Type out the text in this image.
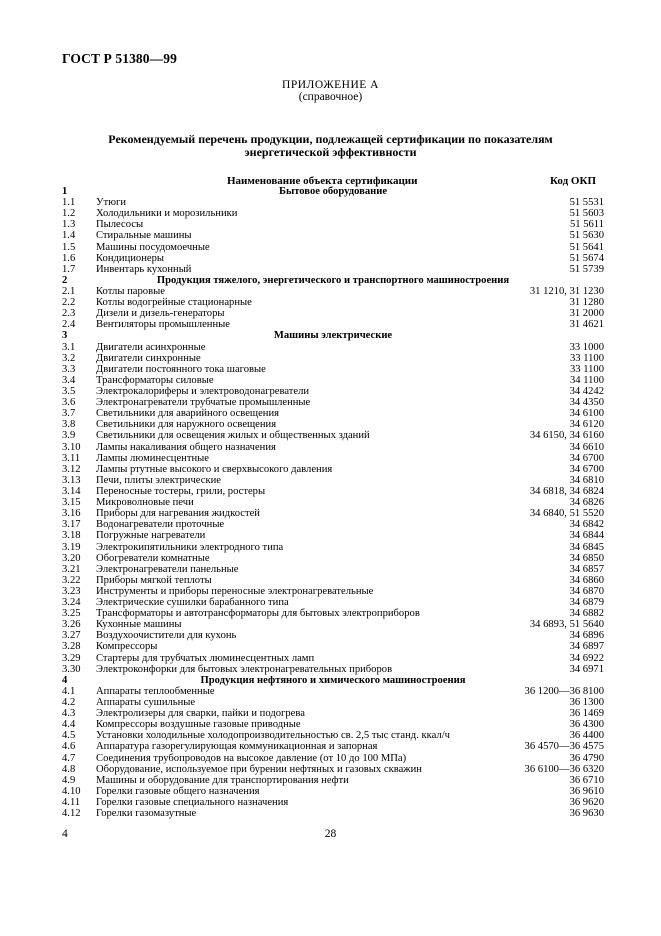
ГОСТ Р 51380—99
ПРИЛОЖЕНИЕ А
(справочное)
Рекомендуемый перечень продукции, подлежащей сертификации по показателям
энергетической эффективности
Наименование объекта сертификации	Код ОКП
1	Бытовое оборудование
1.1 Утюги	51 5531
1.2 Холодильники и морозильники	51 5603
1.3 Пылесосы	51 5611
1.4 Стиральные машины	51 5630
1.5 Машины посудомоечные	51 5641
1.6 Кондиционеры	51 5674
1.7 Инвентарь кухонный	51 5739
2	Продукция тяжелого, энергетического и транспортного машиностроения
2.1 Котлы паровые	31 1210, 31 1230
2.2 Котлы водогрейные стационарные	31 1280
2.3 Дизели и дизель-генераторы	31 2000
2.4 Вентиляторы промышленные	31 4621
3	Машины электрические
3.1 Двигатели асинхронные	33 1000
3.2 Двигатели синхронные	33 1100
3.3 Двигатели постоянного тока шаговые	33 1100
3.4 Трансформаторы силовые	34 1100
3.5 Электрокалориферы и электроводонагреватели	34 4242
3.6 Электронагреватели трубчатые промышленные	34 4350
3.7 Светильники для аварийного освещения	34 6100
3.8 Светильники для наружного освещения	34 6120
3.9 Светильники для освещения жилых и общественных зданий	34 6150, 34 6160
3.10 Лампы накаливания общего назначения	34 6610
3.11 Лампы люминесцентные	34 6700
3.12 Лампы ртутные высокого и сверхвысокого давления	34 6700
3.13 Печи, плиты электрические	34 6810
3.14 Переносные тостеры, грили, ростеры	34 6818, 34 6824
3.15 Микроволновые печи	34 6826
3.16 Приборы для нагревания жидкостей	34 6840, 51 5520
3.17 Водонагреватели проточные	34 6842
3.18 Погружные нагреватели	34 6844
3.19 Электрокипятильники электродного типа	34 6845
3.20 Обогреватели комнатные	34 6850
3.21 Электронагреватели панельные	34 6857
3.22 Приборы мягкой теплоты	34 6860
3.23 Инструменты и приборы переносные электронагревательные	34 6870
3.24 Электрические сушилки барабанного типа	34 6879
3.25 Трансформаторы и автотрансформаторы для бытовых электроприборов	34 6882
3.26 Кухонные машины	34 6893, 51 5640
3.27 Воздухоочистители для кухонь	34 6896
3.28 Компрессоры	34 6897
3.29 Стартеры для трубчатых люминесцентных ламп	34 6922
3.30 Электроконфорки для бытовых электронагревательных приборов	34 6971
4	Продукция нефтяного и химического машиностроения
4.1 Аппараты теплообменные	36 1200—36 8100
4.2 Аппараты сушильные	36 1300
4.3 Электролизеры для сварки, пайки и подогрева	36 1469
4.4 Компрессоры воздушные газовые приводные	36 4300
4.5 Установки холодильные холодопроизводительностью св. 2,5 тыс станд. ккал/ч	36 4400
4.6 Аппаратура газорегулирующая коммуникационная и запорная	36 4570—36 4575
4.7 Соединения трубопроводов на высокое давление (от 10 до 100 МПа)	36 4790
4.8 Оборудование, используемое при бурении нефтяных и газовых скважин	36 6100—36 6320
4.9 Машины и оборудование для транспортирования нефти	36 6710
4.10 Горелки газовые общего назначения	36 9610
4.11 Горелки газовые специального назначения	36 9620
4.12 Горелки газомазутные	36 9630
4	28
